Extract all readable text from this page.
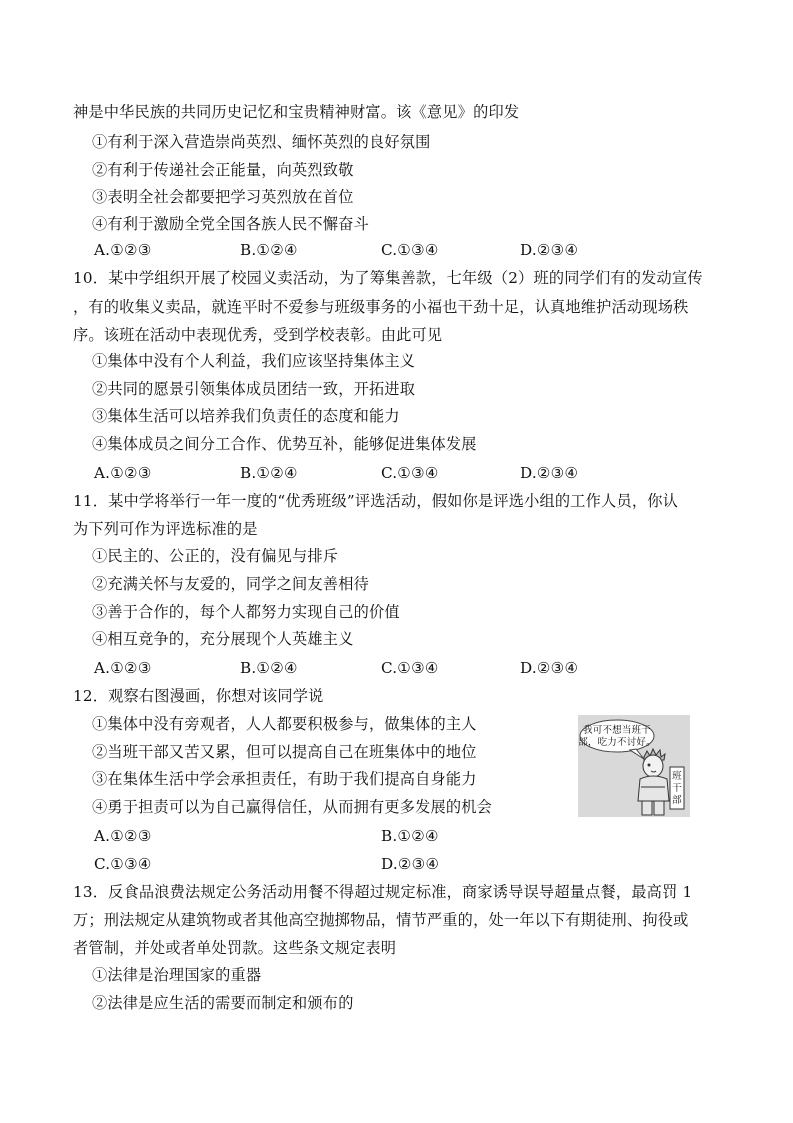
神是中华民族的共同历史记忆和宝贵精神财富。该《意见》的印发
①有利于深入营造崇尚英烈、缅怀英烈的良好氛围
②有利于传递社会正能量，向英烈致敬
③表明全社会都要把学习英烈放在首位
④有利于激励全党全国各族人民不懈奋斗
A.①②③	B.①②④	C.①③④	D.②③④
10．某中学组织开展了校园义卖活动，为了筹集善款，七年级（2）班的同学们有的发动宣传
，有的收集义卖品，就连平时不爱参与班级事务的小福也干劲十足，认真地维护活动现场秩
序。该班在活动中表现优秀，受到学校表彰。由此可见
①集体中没有个人利益，我们应该坚持集体主义
②共同的愿景引领集体成员团结一致，开拓进取
③集体生活可以培养我们负责任的态度和能力
④集体成员之间分工合作、优势互补，能够促进集体发展
A.①②③	B.①②④	C.①③④	D.②③④
11．某中学将举行一年一度的“优秀班级”评选活动，假如你是评选小组的工作人员，你认
为下列可作为评选标准的是
①民主的、公正的，没有偏见与排斥
②充满关怀与友爱的，同学之间友善相待
③善于合作的，每个人都努力实现自己的价值
④相互竞争的，充分展现个人英雄主义
A.①②③	B.①②④	C.①③④	D.②③④
12．观察右图漫画，你想对该同学说
①集体中没有旁观者，人人都要积极参与，做集体的主人
②当班干部又苦又累，但可以提高自己在班集体中的地位
③在集体生活中学会承担责任，有助于我们提高自身能力
④勇于担责可以为自己赢得信任，从而拥有更多发展的机会
A.①②③	B.①②④
C.①③④	D.②③④
我可不想当班干
部，吃力不讨好。
班
干
部
13．反食品浪费法规定公务活动用餐不得超过规定标准，商家诱导误导超量点餐，最高罚 1
万；刑法规定从建筑物或者其他高空抛掷物品，情节严重的，处一年以下有期徒刑、拘役或
者管制，并处或者单处罚款。这些条文规定表明
①法律是治理国家的重器
②法律是应生活的需要而制定和颁布的
